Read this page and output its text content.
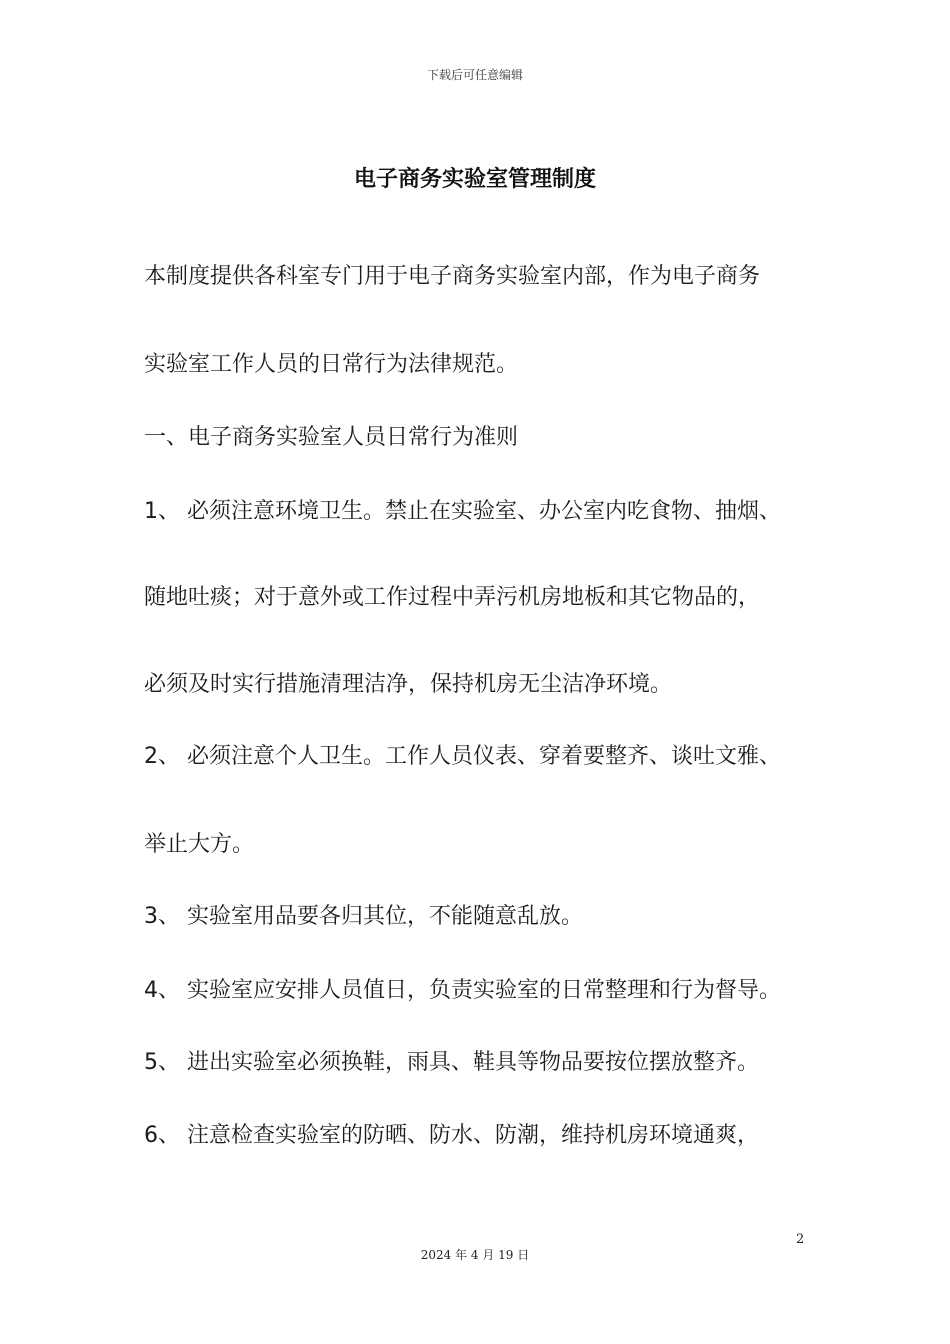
下载后可任意编辑
电子商务实验室管理制度
本制度提供各科室专门用于电子商务实验室内部，作为电子商务
实验室工作人员的日常行为法律规范。
一、电子商务实验室人员日常行为准则
1、 必须注意环境卫生。禁止在实验室、办公室内吃食物、抽烟、
随地吐痰；对于意外或工作过程中弄污机房地板和其它物品的，
必须及时实行措施清理洁净，保持机房无尘洁净环境。
2、 必须注意个人卫生。工作人员仪表、穿着要整齐、谈吐文雅、
举止大方。
3、 实验室用品要各归其位，不能随意乱放。
4、 实验室应安排人员值日，负责实验室的日常整理和行为督导。
5、 进出实验室必须换鞋，雨具、鞋具等物品要按位摆放整齐。
6、 注意检查实验室的防晒、防水、防潮，维持机房环境通爽，
2
2024 年 4 月 19 日
